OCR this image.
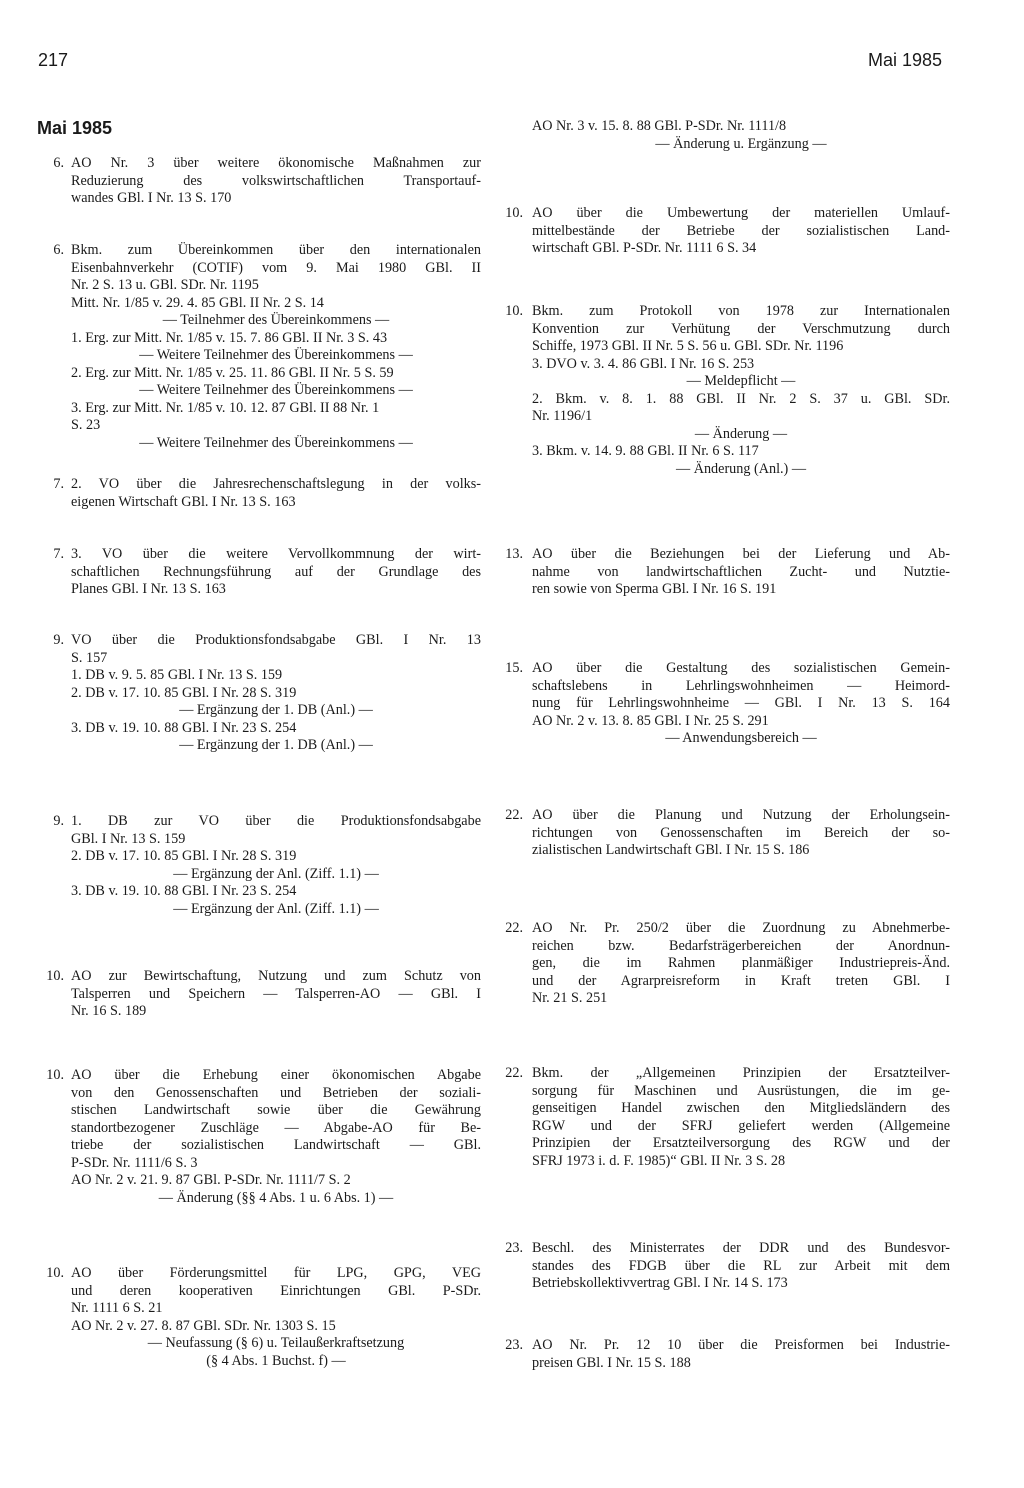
217	Mai 1985
Mai 1985
6. AO Nr. 3 über weitere ökonomische Maßnahmen zur
Reduzierung des volkswirtschaftlichen Transportauf-
wandes GBl. I Nr. 13 S. 170
6. Bkm. zum Übereinkommen über den internationalen
Eisenbahnverkehr (COTIF) vom 9. Mai 1980 GBl. II
Nr. 2 S. 13 u. GBl. SDr. Nr. 1195
Mitt. Nr. 1/85 v. 29. 4. 85 GBl. II Nr. 2 S. 14
— Teilnehmer des Übereinkommens —
1. Erg. zur Mitt. Nr. 1/85 v. 15. 7. 86 GBl. II Nr. 3 S. 43
— Weitere Teilnehmer des Übereinkommens —
2. Erg. zur Mitt. Nr. 1/85 v. 25. 11. 86 GBl. II Nr. 5 S. 59
— Weitere Teilnehmer des Übereinkommens —
3. Erg. zur Mitt. Nr. 1/85 v. 10. 12. 87 GBl. II 88 Nr. 1
S. 23
— Weitere Teilnehmer des Übereinkommens —
7. 2. VO über die Jahresrechenschaftslegung in der volks-
eigenen Wirtschaft GBl. I Nr. 13 S. 163
7. 3. VO über die weitere Vervollkommnung der wirt-
schaftlichen Rechnungsführung auf der Grundlage des
Planes GBl. I Nr. 13 S. 163
9. VO über die Produktionsfondsabgabe GBl. I Nr. 13
S. 157
1. DB v. 9. 5. 85 GBl. I Nr. 13 S. 159
2. DB v. 17. 10. 85 GBl. I Nr. 28 S. 319
— Ergänzung der 1. DB (Anl.) —
3. DB v. 19. 10. 88 GBl. I Nr. 23 S. 254
— Ergänzung der 1. DB (Anl.) —
9. 1. DB zur VO über die Produktionsfondsabgabe
GBl. I Nr. 13 S. 159
2. DB v. 17. 10. 85 GBl. I Nr. 28 S. 319
— Ergänzung der Anl. (Ziff. 1.1) —
3. DB v. 19. 10. 88 GBl. I Nr. 23 S. 254
— Ergänzung der Anl. (Ziff. 1.1) —
10. AO zur Bewirtschaftung, Nutzung und zum Schutz von
Talsperren und Speichern — Talsperren-AO — GBl. I
Nr. 16 S. 189
10. AO über die Erhebung einer ökonomischen Abgabe
von den Genossenschaften und Betrieben der soziali-
stischen Landwirtschaft sowie über die Gewährung
standortbezogener Zuschläge — Abgabe-AO für Be-
triebe der sozialistischen Landwirtschaft — GBl.
P-SDr. Nr. 1111/6 S. 3
AO Nr. 2 v. 21. 9. 87 GBl. P-SDr. Nr. 1111/7 S. 2
— Änderung (§§ 4 Abs. 1 u. 6 Abs. 1) —
10. AO über Förderungsmittel für LPG, GPG, VEG
und deren kooperativen Einrichtungen GBl. P-SDr.
Nr. 1111 6 S. 21
AO Nr. 2 v. 27. 8. 87 GBl. SDr. Nr. 1303 S. 15
— Neufassung (§ 6) u. Teilaußerkraftsetzung
(§ 4 Abs. 1 Buchst. f) —
AO Nr. 3 v. 15. 8. 88 GBl. P-SDr. Nr. 1111/8
— Änderung u. Ergänzung —
10. AO über die Umbewertung der materiellen Umlauf-
mittelbestände der Betriebe der sozialistischen Land-
wirtschaft GBl. P-SDr. Nr. 1111 6 S. 34
10. Bkm. zum Protokoll von 1978 zur Internationalen
Konvention zur Verhütung der Verschmutzung durch
Schiffe, 1973 GBl. II Nr. 5 S. 56 u. GBl. SDr. Nr. 1196
3. DVO v. 3. 4. 86 GBl. I Nr. 16 S. 253
— Meldepflicht —
2. Bkm. v. 8. 1. 88 GBl. II Nr. 2 S. 37 u. GBl. SDr.
Nr. 1196/1
— Änderung —
3. Bkm. v. 14. 9. 88 GBl. II Nr. 6 S. 117
— Änderung (Anl.) —
13. AO über die Beziehungen bei der Lieferung und Ab-
nahme von landwirtschaftlichen Zucht- und Nutztie-
ren sowie von Sperma GBl. I Nr. 16 S. 191
15. AO über die Gestaltung des sozialistischen Gemein-
schaftslebens in Lehrlingswohnheimen — Heimord-
nung für Lehrlingswohnheime — GBl. I Nr. 13 S. 164
AO Nr. 2 v. 13. 8. 85 GBl. I Nr. 25 S. 291
— Anwendungsbereich —
22. AO über die Planung und Nutzung der Erholungsein-
richtungen von Genossenschaften im Bereich der so-
zialistischen Landwirtschaft GBl. I Nr. 15 S. 186
22. AO Nr. Pr. 250/2 über die Zuordnung zu Abnehmerbe-
reichen bzw. Bedarfsträgerbereichen der Anordnun-
gen, die im Rahmen planmäßiger Industriepreis-Änd.
und der Agrarpreisreform in Kraft treten GBl. I
Nr. 21 S. 251
22. Bkm. der „Allgemeinen Prinzipien der Ersatzteilver-
sorgung für Maschinen und Ausrüstungen, die im ge-
genseitigen Handel zwischen den Mitgliedsländern des
RGW und der SFRJ geliefert werden (Allgemeine
Prinzipien der Ersatzteilversorgung des RGW und der
SFRJ 1973 i. d. F. 1985)“ GBl. II Nr. 3 S. 28
23. Beschl. des Ministerrates der DDR und des Bundesvor-
standes des FDGB über die RL zur Arbeit mit dem
Betriebskollektivvertrag GBl. I Nr. 14 S. 173
23. AO Nr. Pr. 12 10 über die Preisformen bei Industrie-
preisen GBl. I Nr. 15 S. 188
